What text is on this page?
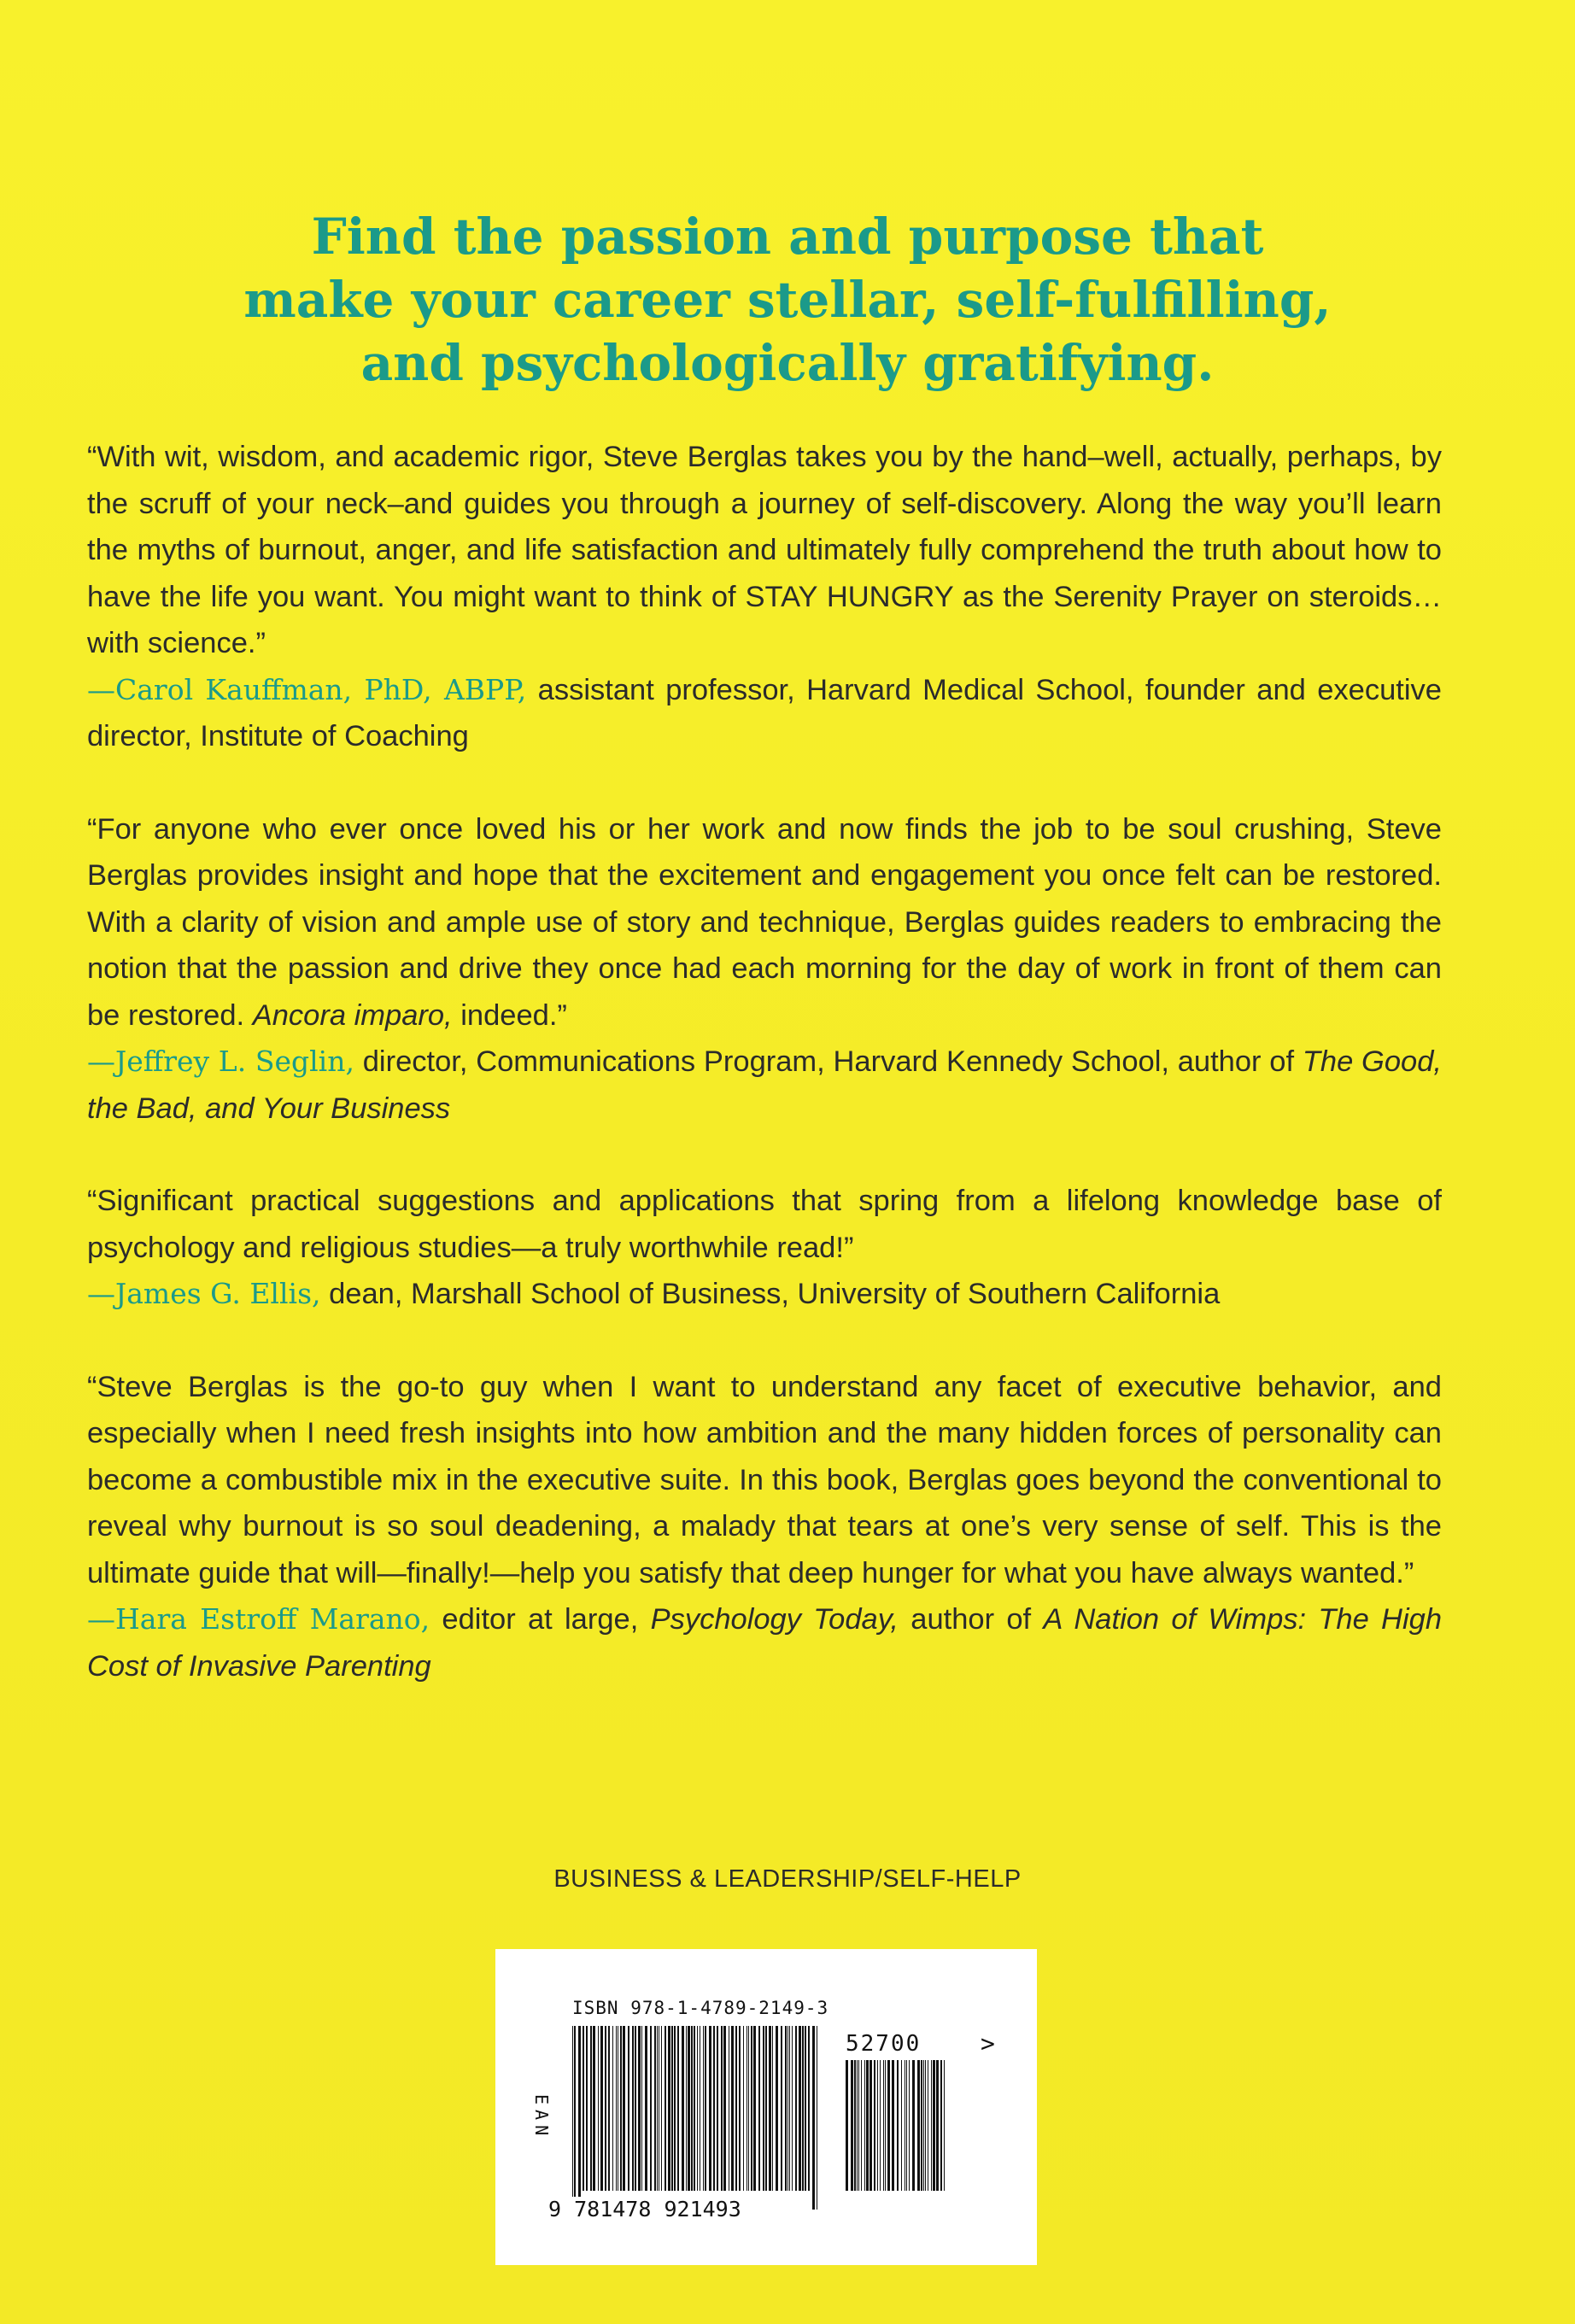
Find the passion and purpose that
make your career stellar, self-fulfilling,
and psychologically gratifying.

“With wit, wisdom, and academic rigor, Steve Berglas takes you by the hand–well, actually, perhaps, by the scruff of your neck–and guides you through a journey of self-discovery. Along the way you’ll learn the myths of burnout, anger, and life satisfaction and ultimately fully comprehend the truth about how to have the life you want. You might want to think of STAY HUNGRY as the Serenity Prayer on steroids…with science.”
—Carol Kauffman, PhD, ABPP, assistant professor, Harvard Medical School, founder and executive director, Institute of Coaching

“For anyone who ever once loved his or her work and now finds the job to be soul crushing, Steve Berglas provides insight and hope that the excitement and engagement you once felt can be restored. With a clarity of vision and ample use of story and technique, Berglas guides readers to embracing the notion that the passion and drive they once had each morning for the day of work in front of them can be restored. Ancora imparo, indeed.”
—Jeffrey L. Seglin, director, Communications Program, Harvard Kennedy School, author of The Good, the Bad, and Your Business

“Significant practical suggestions and applications that spring from a lifelong knowledge base of psychology and religious studies—a truly worthwhile read!”
—James G. Ellis, dean, Marshall School of Business, University of Southern California

“Steve Berglas is the go-to guy when I want to understand any facet of executive behavior, and especially when I need fresh insights into how ambition and the many hidden forces of personality can become a combustible mix in the executive suite. In this book, Berglas goes beyond the conventional to reveal why burnout is so soul deadening, a malady that tears at one’s very sense of self. This is the ultimate guide that will—finally!—help you satisfy that deep hunger for what you have always wanted.”
—Hara Estroff Marano, editor at large, Psychology Today, author of A Nation of Wimps: The High Cost of Invasive Parenting

BUSINESS & LEADERSHIP/SELF-HELP

ISBN 978-1-4789-2149-3
EAN
52700 >
9 781478 921493
